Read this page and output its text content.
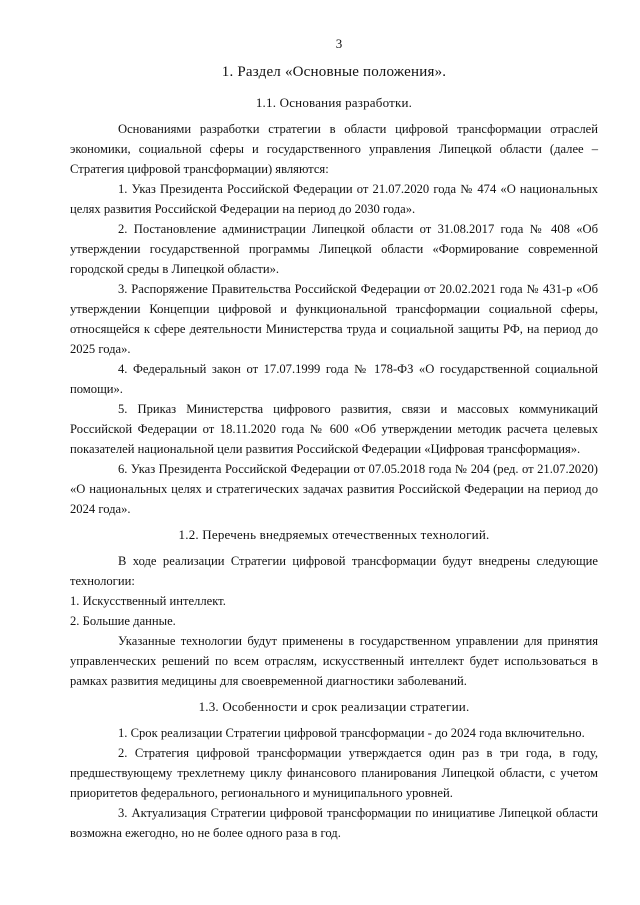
3
1. Раздел «Основные положения».
1.1. Основания разработки.

Основаниями разработки стратегии в области цифровой трансформации отраслей экономики, социальной сферы и государственного управления Липецкой области (далее – Стратегия цифровой трансформации) являются:

1. Указ Президента Российской Федерации от 21.07.2020 года № 474 «О национальных целях развития Российской Федерации на период до 2030 года».

2. Постановление администрации Липецкой области от 31.08.2017 года № 408 «Об утверждении государственной программы Липецкой области «Формирование современной городской среды в Липецкой области».

3. Распоряжение Правительства Российской Федерации от 20.02.2021 года № 431-р «Об утверждении Концепции цифровой и функциональной трансформации социальной сферы, относящейся к сфере деятельности Министерства труда и социальной защиты РФ, на период до 2025 года».

4. Федеральный закон от 17.07.1999 года № 178-ФЗ «О государственной социальной помощи».

5. Приказ Министерства цифрового развития, связи и массовых коммуникаций Российской Федерации от 18.11.2020 года № 600 «Об утверждении методик расчета целевых показателей национальной цели развития Российской Федерации «Цифровая трансформация».

6. Указ Президента Российской Федерации от 07.05.2018 года № 204 (ред. от 21.07.2020) «О национальных целях и стратегических задачах развития Российской Федерации на период до 2024 года».

1.2. Перечень внедряемых отечественных технологий.

В ходе реализации Стратегии цифровой трансформации будут внедрены следующие технологии:

1. Искусственный интеллект.

2. Большие данные.

Указанные технологии будут применены в государственном управлении для принятия управленческих решений по всем отраслям, искусственный интеллект будет использоваться в рамках развития медицины для своевременной диагностики заболеваний.

1.3. Особенности и срок реализации стратегии.

1. Срок реализации Стратегии цифровой трансформации - до 2024 года включительно.

2. Стратегия цифровой трансформации утверждается один раз в три года, в году, предшествующему трехлетнему циклу финансового планирования Липецкой области, с учетом приоритетов федерального, регионального и муниципального уровней.

3. Актуализация Стратегии цифровой трансформации по инициативе Липецкой области возможна ежегодно, но не более одного раза в год.
